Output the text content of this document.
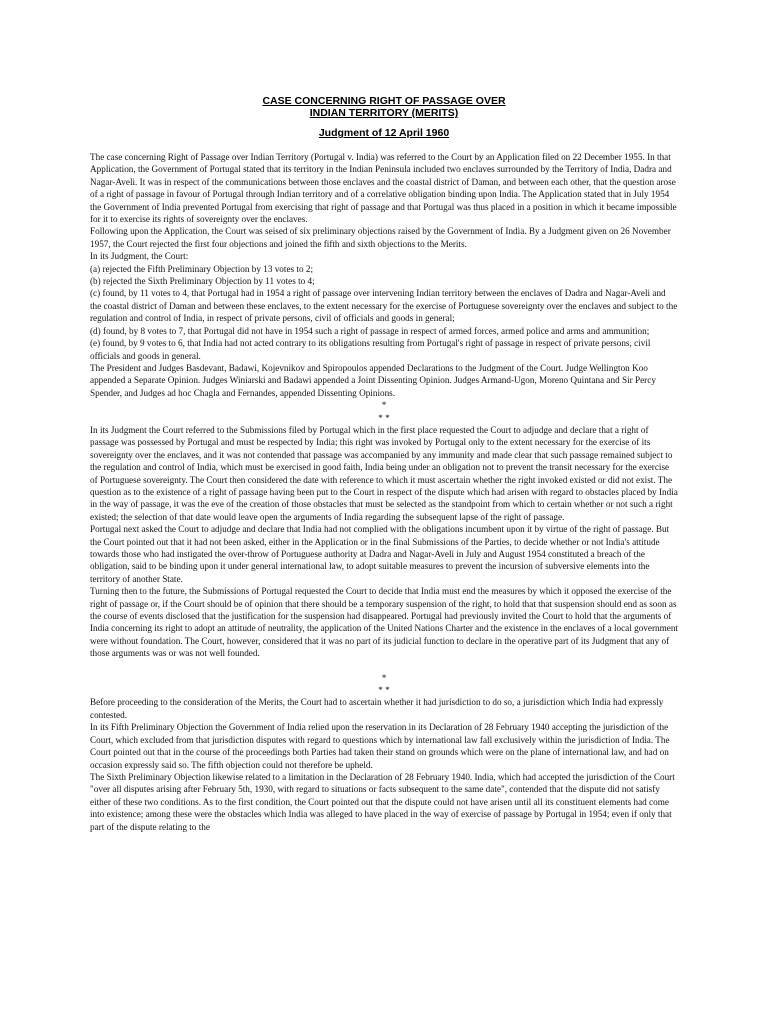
CASE CONCERNING RIGHT OF PASSAGE OVER
INDIAN TERRITORY (MERITS)
Judgment of 12 April 1960

The case concerning Right of Passage over Indian Territory (Portugal v. India) was referred to the Court by an Application filed on 22 December 1955. In that Application, the Government of Portugal stated that its territory in the Indian Peninsula included two enclaves surrounded by the Territory of India, Dadra and Nagar-Aveli. It was in respect of the communications between those enclaves and the coastal district of Daman, and between each other, that the question arose of a right of passage in favour of Portugal through Indian territory and of a correlative obligation binding upon India. The Application stated that in July 1954 the Government of India prevented Portugal from exercising that right of passage and that Portugal was thus placed in a position in which it became impossible for it to exercise its rights of sovereignty over the enclaves.

Following upon the Application, the Court was seised of six preliminary objections raised by the Government of India. By a Judgment given on 26 November 1957, the Court rejected the first four objections and joined the fifth and sixth objections to the Merits.

In its Judgment, the Court:

(a) rejected the Fifth Preliminary Objection by 13 votes to 2;

(b) rejected the Sixth Preliminary Objection by 11 votes to 4;

(c) found, by 11 votes to 4, that Portugal had in 1954 a right of passage over intervening Indian territory between the enclaves of Dadra and Nagar-Aveli and the coastal district of Daman and between these enclaves, to the extent necessary for the exercise of Portuguese sovereignty over the enclaves and subject to the regulation and control of India, in respect of private persons, civil of officials and goods in general;

(d) found, by 8 votes to 7, that Portugal did not have in 1954 such a right of passage in respect of armed forces, armed police and arms and ammunition;

(e) found, by 9 votes to 6, that India had not acted contrary to its obligations resulting from Portugal's right of passage in respect of private persons, civil officials and goods in general.

The President and Judges Basdevant, Badawi, Kojevnikov and Spiropoulos appended Declarations to the Judgment of the Court. Judge Wellington Koo appended a Separate Opinion. Judges Winiarski and Badawi appended a Joint Dissenting Opinion. Judges Armand-Ugon, Moreno Quintana and Sir Percy Spender, and Judges ad hoc Chagla and Fernandes, appended Dissenting Opinions.

*

* *

In its Judgment the Court referred to the Submissions filed by Portugal which in the first place requested the Court to adjudge and declare that a right of passage was possessed by Portugal and must be respected by India; this right was invoked by Portugal only to the extent necessary for the exercise of its sovereignty over the enclaves, and it was not contended that passage was accompanied by any immunity and made clear that such passage remained subject to the regulation and control of India, which must be exercised in good faith, India being under an obligation not to prevent the transit necessary for the exercise of Portuguese sovereignty. The Court then considered the date with reference to which it must ascertain whether the right invoked existed or did not exist. The question as to the existence of a right of passage having been put to the Court in respect of the dispute which had arisen with regard to obstacles placed by India in the way of passage, it was the eve of the creation of those obstacles that must be selected as the standpoint from which to certain whether or not such a right existed; the selection of that date would leave open the arguments of India regarding the subsequent lapse of the right of passage.

Portugal next asked the Court to adjudge and declare that India had not complied with the obligations incumbent upon it by virtue of the right of passage. But the Court pointed out that it had not been asked, either in the Application or in the final Submissions of the Parties, to decide whether or not India's attitude towards those who had instigated the over-throw of Portuguese authority at Dadra and Nagar-Aveli in July and August 1954 constituted a breach of the obligation, said to be binding upon it under general international law, to adopt suitable measures to prevent the incursion of subversive elements into the territory of another State.

Turning then to the future, the Submissions of Portugal requested the Court to decide that India must end the measures by which it opposed the exercise of the right of passage or, if the Court should be of opinion that there should be a temporary suspension of the right, to hold that that suspension should end as soon as the course of events disclosed that the justification for the suspension had disappeared. Portugal had previously invited the Court to hold that the arguments of India concerning its right to adopt an attitude of neutrality, the application of the United Nations Charter and the existence in the enclaves of a local government were without foundation. The Court, however, considered that it was no part of its judicial function to declare in the operative part of its Judgment that any of those arguments was or was not well founded.

*

* *

Before proceeding to the consideration of the Merits, the Court had to ascertain whether it had jurisdiction to do so, a jurisdiction which India had expressly contested.

In its Fifth Preliminary Objection the Government of India relied upon the reservation in its Declaration of 28 February 1940 accepting the jurisdiction of the Court, which excluded from that jurisdiction disputes with regard to questions which by international law fall exclusively within the jurisdiction of India. The Court pointed out that in the course of the proceedings both Parties had taken their stand on grounds which were on the plane of international law, and had on occasion expressly said so. The fifth objection could not therefore be upheld.

The Sixth Preliminary Objection likewise related to a limitation in the Declaration of 28 February 1940. India, which had accepted the jurisdiction of the Court "over all disputes arising after February 5th, 1930, with regard to situations or facts subsequent to the same date", contended that the dispute did not satisfy either of these two conditions. As to the first condition, the Court pointed out that the dispute could not have arisen until all its constituent elements had come into existence; among these were the obstacles which India was alleged to have placed in the way of exercise of passage by Portugal in 1954; even if only that part of the dispute relating to the
